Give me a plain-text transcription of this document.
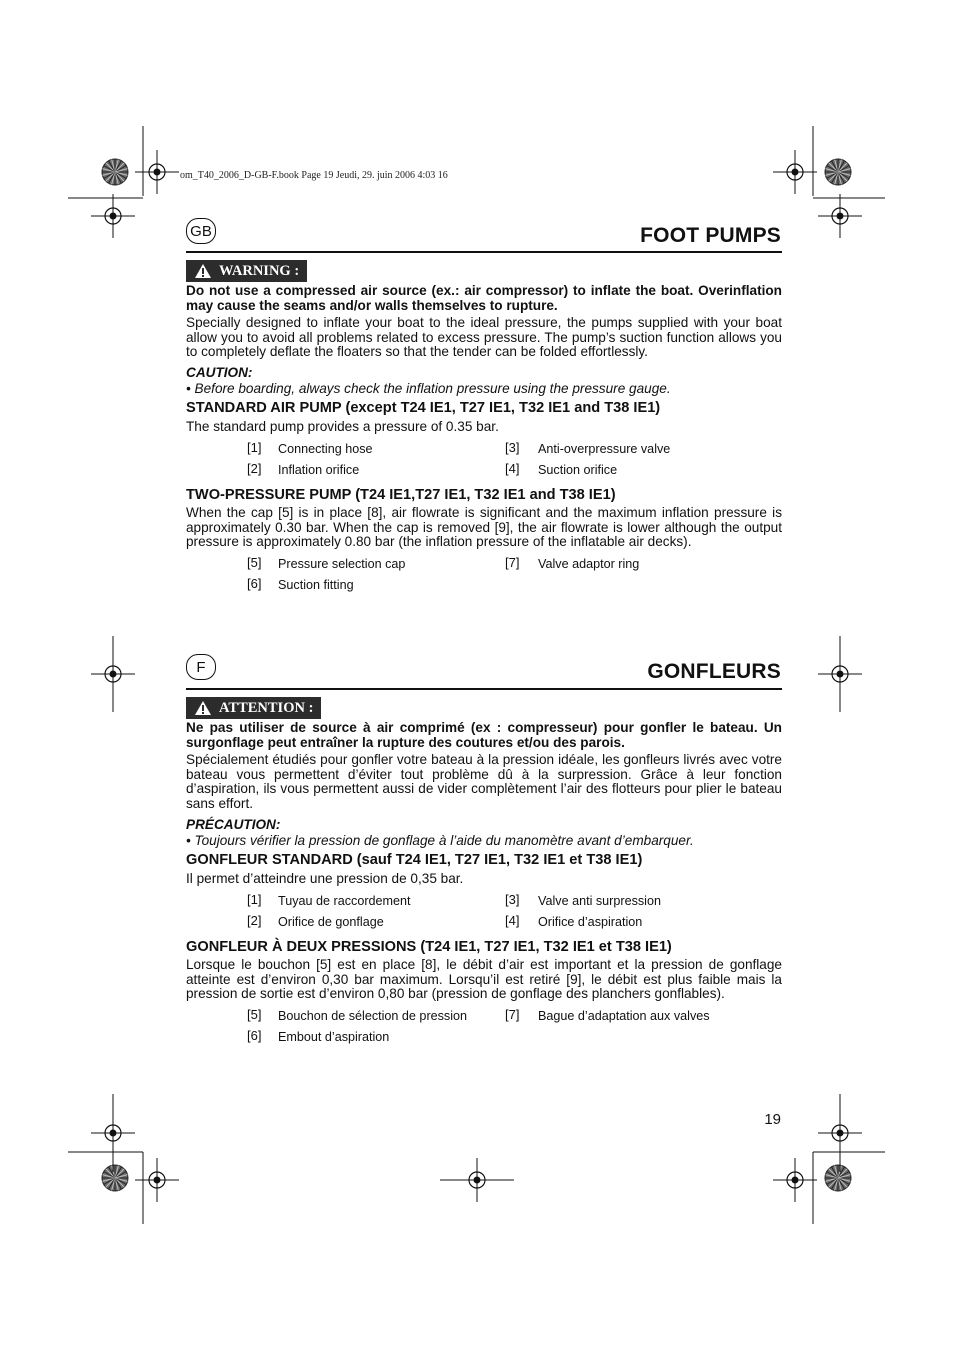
om_T40_2006_D-GB-F.book Page 19 Jeudi, 29. juin 2006 4:03 16
GB	FOOT PUMPS
WARNING :

Do not use a compressed air source (ex.: air compressor) to inflate the boat. Overinflation may cause the seams and/or walls themselves to rupture.

Specially designed to inflate your boat to the ideal pressure, the pumps supplied with your boat allow you to avoid all problems related to excess pressure. The pump’s suction function allows you to completely deflate the floaters so that the tender can be folded effortlessly.

CAUTION:
• Before boarding, always check the inflation pressure using the pressure gauge.
STANDARD AIR PUMP (except T24 IE1, T27 IE1, T32 IE1 and T38 IE1)
The standard pump provides a pressure of 0.35 bar.
[1] Connecting hose	[3] Anti-overpressure valve
[2] Inflation orifice	[4] Suction orifice
TWO-PRESSURE PUMP (T24 IE1,T27 IE1, T32 IE1 and T38 IE1)

When the cap [5] is in place [8], air flowrate is significant and the maximum inflation pressure is approximately 0.30 bar. When the cap is removed [9], the air flowrate is lower although the output pressure is approximately 0.80 bar (the inflation pressure of the inflatable air decks).

[5] Pressure selection cap	[7] Valve adaptor ring
[6] Suction fitting
F	GONFLEURS
ATTENTION :

Ne pas utiliser de source à air comprimé (ex : compresseur) pour gonfler le bateau. Un surgonflage peut entraîner la rupture des coutures et/ou des parois.

Spécialement étudiés pour gonfler votre bateau à la pression idéale, les gonfleurs livrés avec votre bateau vous permettent d’éviter tout problème dû à la surpression. Grâce à leur fonction d’aspiration, ils vous permettent aussi de vider complètement l’air des flotteurs pour plier le bateau sans effort.

PRÉCAUTION:
• Toujours vérifier la pression de gonflage à l’aide du manomètre avant d’embarquer.
GONFLEUR STANDARD (sauf T24 IE1, T27 IE1, T32 IE1 et T38 IE1)
Il permet d’atteindre une pression de 0,35 bar.
[1] Tuyau de raccordement	[3] Valve anti surpression
[2] Orifice de gonflage	[4] Orifice d’aspiration
GONFLEUR À DEUX PRESSIONS (T24 IE1, T27 IE1, T32 IE1 et T38 IE1)

Lorsque le bouchon [5] est en place [8], le débit d’air est important et la pression de gonflage atteinte est d’environ 0,30 bar maximum. Lorsqu’il est retiré [9], le débit est plus faible mais la pression de sortie est d’environ 0,80 bar (pression de gonflage des planchers gonflables).

[5] Bouchon de sélection de pression	[7] Bague d’adaptation aux valves
[6] Embout d’aspiration
19
